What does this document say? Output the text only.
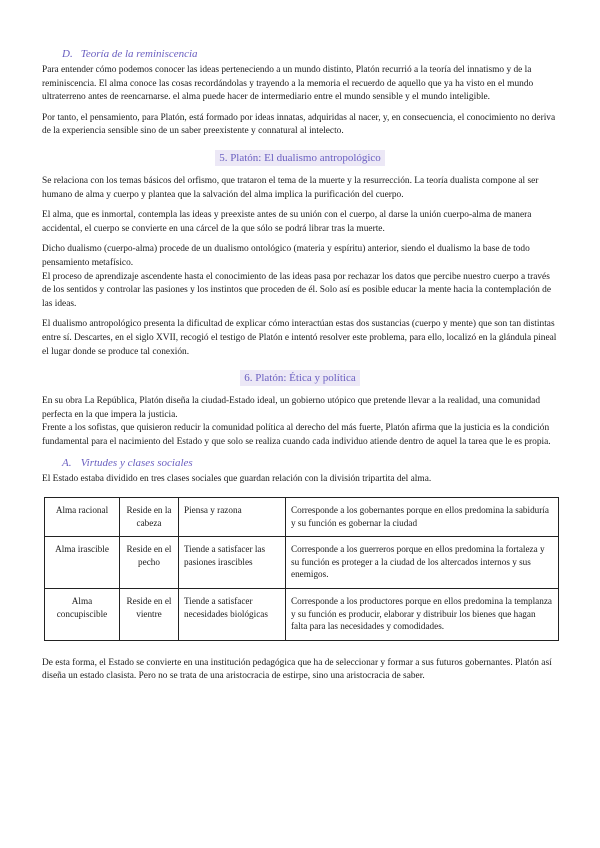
D. Teoría de la reminiscencia

Para entender cómo podemos conocer las ideas perteneciendo a un mundo distinto, Platón recurrió a la teoría del innatismo y de la reminiscencia. El alma conoce las cosas recordándolas y trayendo a la memoria el recuerdo de aquello que ya ha visto en el mundo ultraterreno antes de reencarnarse. el alma puede hacer de intermediario entre el mundo sensible y el mundo inteligible.

Por tanto, el pensamiento, para Platón, está formado por ideas innatas, adquiridas al nacer, y, en consecuencia, el conocimiento no deriva de la experiencia sensible sino de un saber preexistente y connatural al intelecto.

5. Platón: El dualismo antropológico

Se relaciona con los temas básicos del orfismo, que trataron el tema de la muerte y la resurrección. La teoría dualista compone al ser humano de alma y cuerpo y plantea que la salvación del alma implica la purificación del cuerpo.

El alma, que es inmortal, contempla las ideas y preexiste antes de su unión con el cuerpo, al darse la unión cuerpo-alma de manera accidental, el cuerpo se convierte en una cárcel de la que sólo se podrá librar tras la muerte.

Dicho dualismo (cuerpo-alma) procede de un dualismo ontológico (materia y espíritu) anterior, siendo el dualismo la base de todo pensamiento metafísico.

El proceso de aprendizaje ascendente hasta el conocimiento de las ideas pasa por rechazar los datos que percibe nuestro cuerpo a través de los sentidos y controlar las pasiones y los instintos que proceden de él. Solo así es posible educar la mente hacia la contemplación de las ideas.

El dualismo antropológico presenta la dificultad de explicar cómo interactúan estas dos sustancias (cuerpo y mente) que son tan distintas entre sí. Descartes, en el siglo XVII, recogió el testigo de Platón e intentó resolver este problema, para ello, localizó en la glándula pineal el lugar donde se produce tal conexión.

6. Platón: Ética y política

En su obra La República, Platón diseña la ciudad-Estado ideal, un gobierno utópico que pretende llevar a la realidad, una comunidad perfecta en la que impera la justicia.

Frente a los sofistas, que quisieron reducir la comunidad política al derecho del más fuerte, Platón afirma que la justicia es la condición fundamental para el nacimiento del Estado y que solo se realiza cuando cada individuo atiende dentro de aquel la tarea que le es propia.

A. Virtudes y clases sociales

El Estado estaba dividido en tres clases sociales que guardan relación con la división tripartita del alma.

Alma racional	Reside en la cabeza	Piensa y razona	Corresponde a los gobernantes porque en ellos predomina la sabiduría y su función es gobernar la ciudad
Alma irascible	Reside en el pecho	Tiende a satisfacer las pasiones irascibles	Corresponde a los guerreros porque en ellos predomina la fortaleza y su función es proteger a la ciudad de los altercados internos y sus enemigos.
Alma concupiscible	Reside en el vientre	Tiende a satisfacer necesidades biológicas	Corresponde a los productores porque en ellos predomina la templanza y su función es producir, elaborar y distribuir los bienes que hagan falta para las necesidades y comodidades.

De esta forma, el Estado se convierte en una institución pedagógica que ha de seleccionar y formar a sus futuros gobernantes. Platón así diseña un estado clasista. Pero no se trata de una aristocracia de estirpe, sino una aristocracia de saber.
